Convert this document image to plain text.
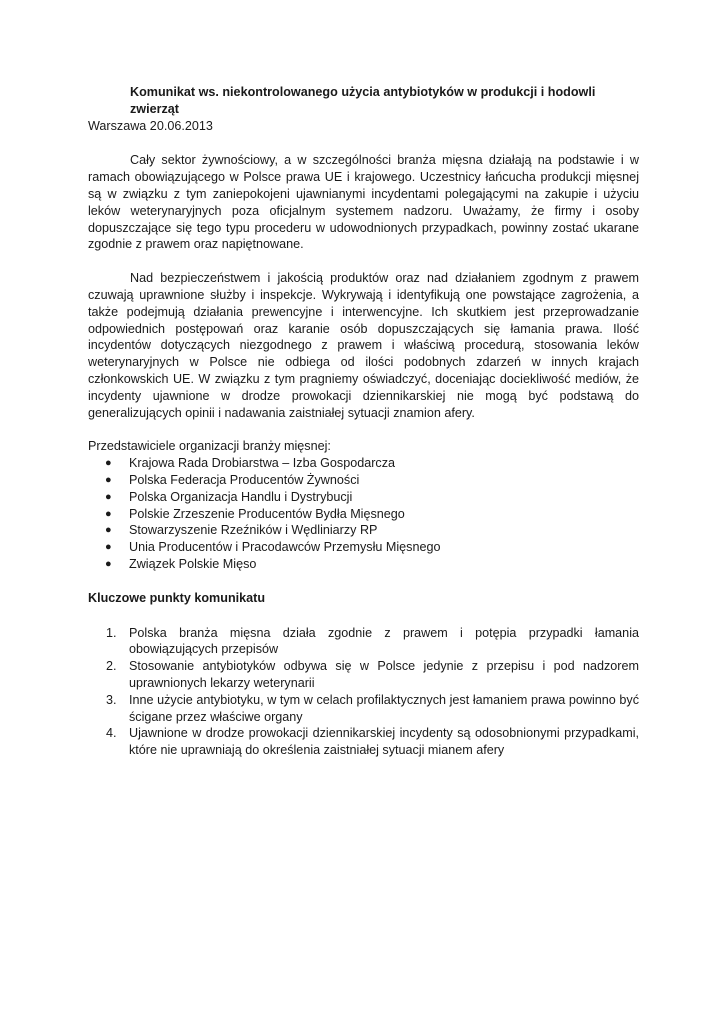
Komunikat ws. niekontrolowanego użycia antybiotyków w produkcji i hodowli zwierząt

Warszawa 20.06.2013

Cały sektor żywnościowy, a w szczególności branża mięsna działają na podstawie i w ramach obowiązującego w Polsce prawa UE i krajowego. Uczestnicy łańcucha produkcji mięsnej są w związku z tym zaniepokojeni ujawnianymi incydentami polegającymi na zakupie i użyciu leków weterynaryjnych poza oficjalnym systemem nadzoru. Uważamy, że firmy i osoby dopuszczające się tego typu procederu w udowodnionych przypadkach, powinny zostać ukarane zgodnie z prawem oraz napiętnowane.

Nad bezpieczeństwem i jakością produktów oraz nad działaniem zgodnym z prawem czuwają uprawnione służby i inspekcje. Wykrywają i identyfikują one powstające zagrożenia, a także podejmują działania prewencyjne i interwencyjne. Ich skutkiem jest przeprowadzanie odpowiednich postępowań oraz karanie osób dopuszczających się łamania prawa. Ilość incydentów dotyczących niezgodnego z prawem i właściwą procedurą, stosowania leków weterynaryjnych w Polsce nie odbiega od ilości podobnych zdarzeń w innych krajach członkowskich UE. W związku z tym pragniemy oświadczyć, doceniając dociekliwość mediów, że incydenty ujawnione w drodze prowokacji dziennikarskiej nie mogą być podstawą do generalizujących opinii i nadawania zaistniałej sytuacji znamion afery.

Przedstawiciele organizacji branży mięsnej:

● Krajowa Rada Drobiarstwa – Izba Gospodarcza
● Polska Federacja Producentów Żywności
● Polska Organizacja Handlu i Dystrybucji
● Polskie Zrzeszenie Producentów Bydła Mięsnego
● Stowarzyszenie Rzeźników i Wędliniarzy RP
● Unia Producentów i Pracodawców Przemysłu Mięsnego
● Związek Polskie Mięso

Kluczowe punkty komunikatu

1. Polska branża mięsna działa zgodnie z prawem i potępia przypadki łamania obowiązujących przepisów
2. Stosowanie antybiotyków odbywa się w Polsce jedynie z przepisu i pod nadzorem uprawnionych lekarzy weterynarii
3. Inne użycie antybiotyku, w tym w celach profilaktycznych jest łamaniem prawa powinno być ścigane przez właściwe organy
4. Ujawnione w drodze prowokacji dziennikarskiej incydenty są odosobnionymi przypadkami, które nie uprawniają do określenia zaistniałej sytuacji mianem afery
